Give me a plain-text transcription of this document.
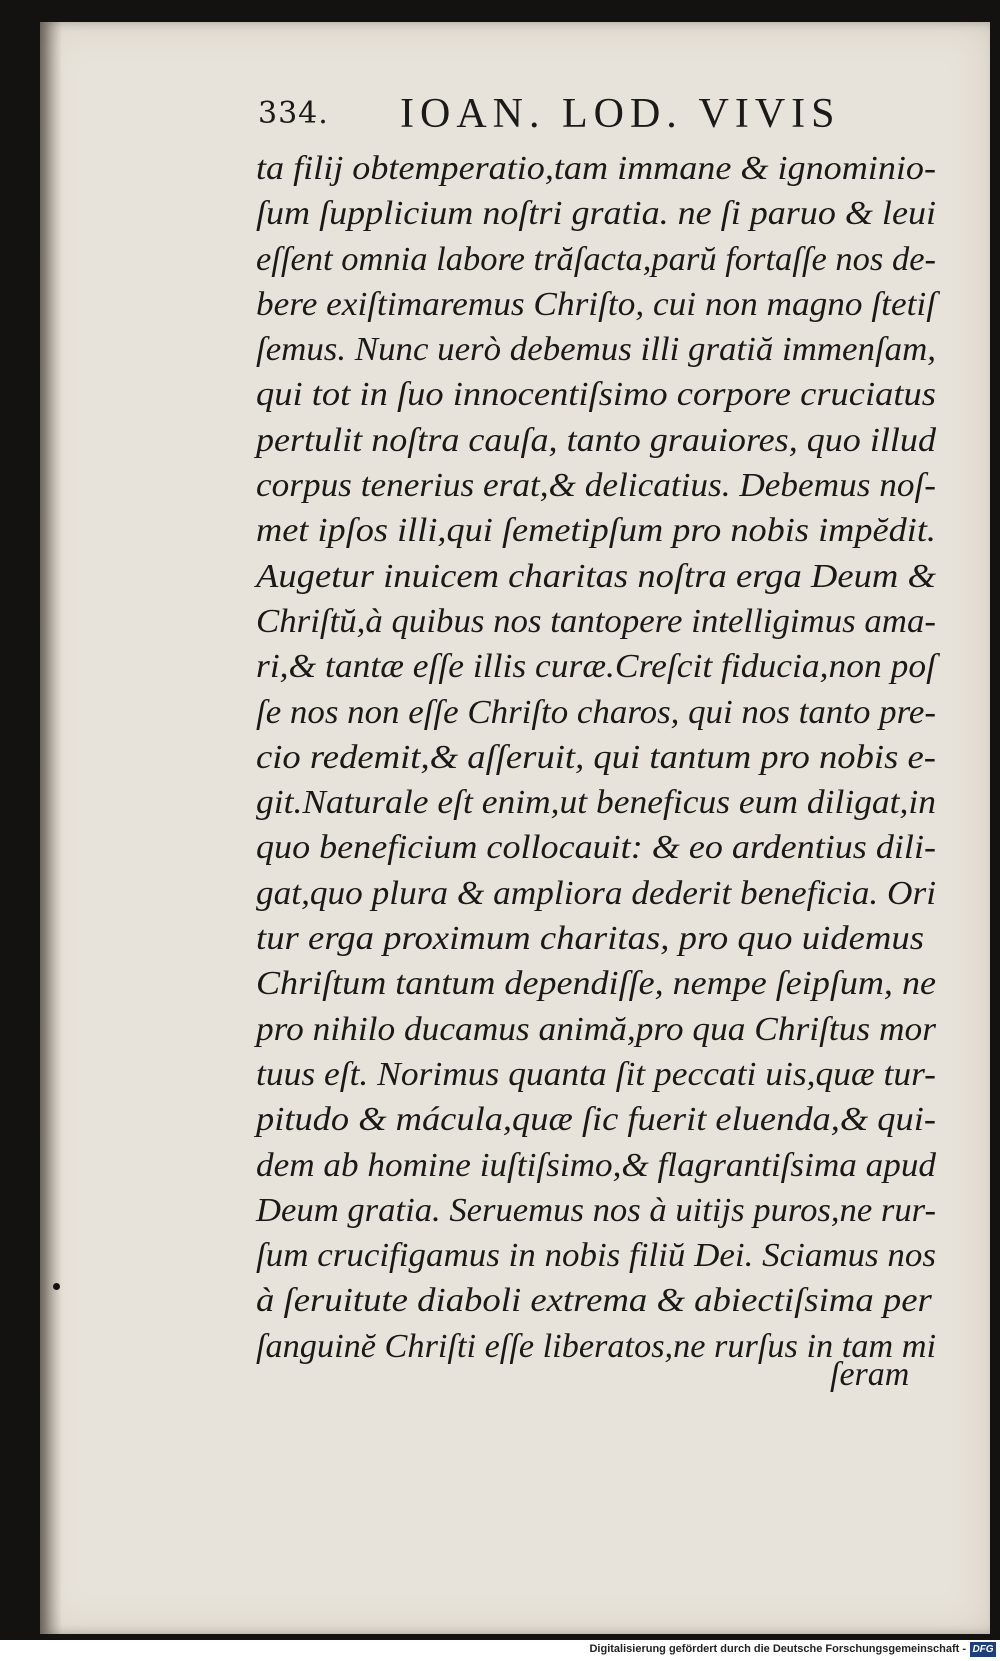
334. IOAN. LOD. VIVIS
ta filij obtemperatio,tam immane & ignominio-
ſum ſupplicium noſtri gratia. ne ſi paruo & leui
eſſent omnia labore trăſacta,parŭ fortaſſe nos de-
bere exiſtimaremus Chriſto, cui non magno ſtetiſ
ſemus. Nunc uerò debemus illi gratiă immenſam,
qui tot in ſuo innocentiſsimo corpore cruciatus
pertulit noſtra cauſa, tanto grauiores, quo illud
corpus tenerius erat,& delicatius. Debemus noſ-
met ipſos illi,qui ſemetipſum pro nobis impĕdit.
Augetur inuicem charitas noſtra erga Deum &
Chriſtŭ,à quibus nos tantopere intelligimus ama-
ri,& tantæ eſſe illis curæ.Creſcit fiducia,non poſ
ſe nos non eſſe Chriſto charos, qui nos tanto pre-
cio redemit,& aſſeruit, qui tantum pro nobis e-
git.Naturale eſt enim,ut beneficus eum diligat,in
quo beneficium collocauit: & eo ardentius dili-
gat,quo plura & ampliora dederit beneficia. Ori
tur erga proximum charitas, pro quo uidemus
Chriſtum tantum dependiſſe, nempe ſeipſum, ne
pro nihilo ducamus animă,pro qua Chriſtus mor
tuus eſt. Norimus quanta ſit peccati uis,quæ tur-
pitudo & mácula,quæ ſic fuerit eluenda,& qui-
dem ab homine iuſtiſsimo,& flagrantiſsima apud
Deum gratia. Seruemus nos à uitijs puros,ne rur-
ſum crucifigamus in nobis filiŭ Dei. Sciamus nos
à ſeruitute diaboli extrema & abiectiſsima per
ſanguinĕ Chriſti eſſe liberatos,ne rurſus in tam mi
ſeram
Digitalisierung gefördert durch die Deutsche Forschungsgemeinschaft - DFG
